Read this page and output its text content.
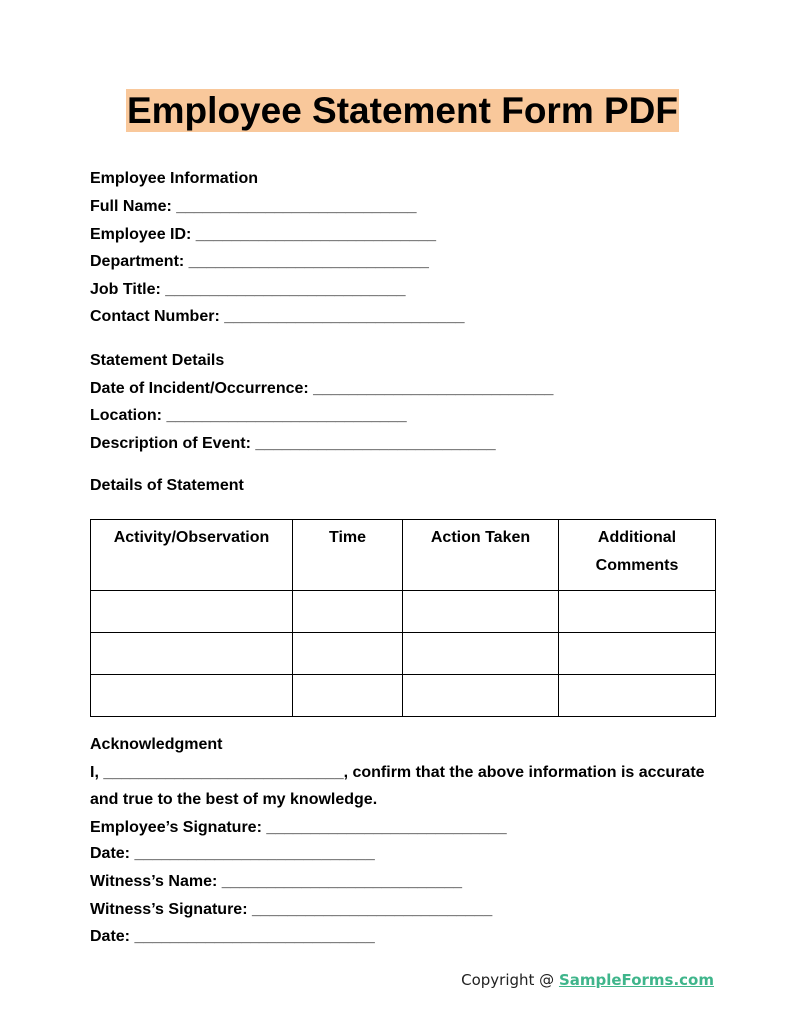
Employee Statement Form PDF
Employee Information
Full Name: ___________________________
Employee ID: ___________________________
Department: ___________________________
Job Title: ___________________________
Contact Number: ___________________________
Statement Details
Date of Incident/Occurrence: ___________________________
Location: ___________________________
Description of Event: ___________________________
Details of Statement
Activity/Observation	Time	Action Taken	Additional Comments

Acknowledgment
I, ___________________________, confirm that the above information is accurate
and true to the best of my knowledge.
Employee’s Signature: ___________________________
Date: ___________________________
Witness’s Name: ___________________________
Witness’s Signature: ___________________________
Date: ___________________________
Copyright @ SampleForms.com
